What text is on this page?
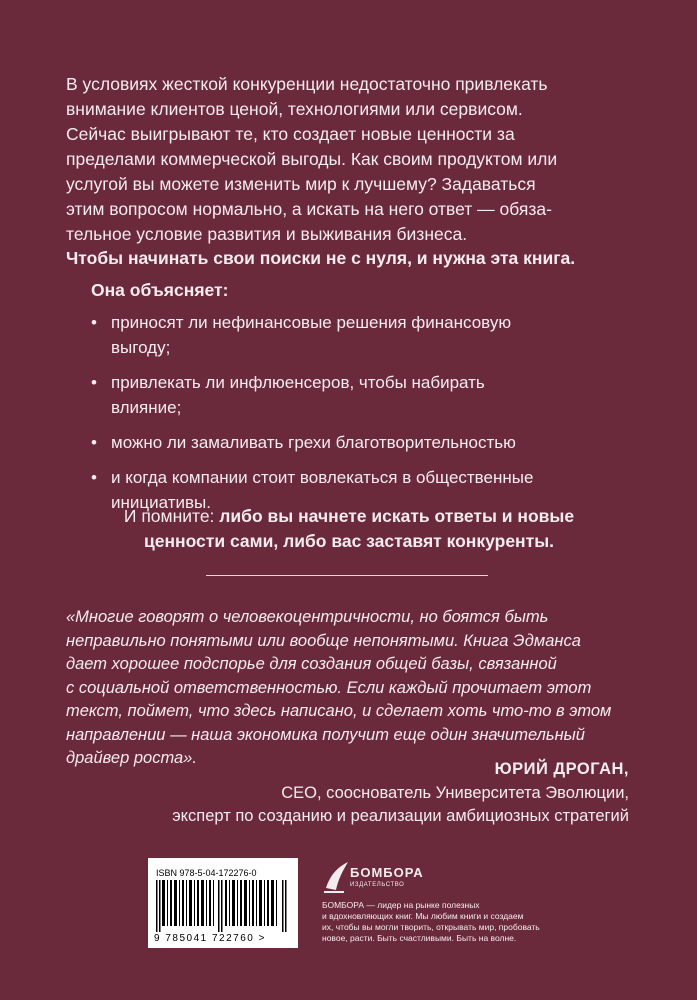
В условиях жесткой конкуренции недостаточно привлекать

внимание клиентов ценой, технологиями или сервисом.

Сейчас выигрывают те, кто создает новые ценности за

пределами коммерческой выгоды. Как своим продуктом или

услугой вы можете изменить мир к лучшему? Задаваться

этим вопросом нормально, а искать на него ответ — обяза-

тельное условие развития и выживания бизнеса.

Чтобы начинать свои поиски не с нуля, и нужна эта книга.
Она объясняет:
• приносят ли нефинансовые решения финансовую
выгоду;
• привлекать ли инфлюенсеров, чтобы набирать
влияние;
• можно ли замаливать грехи благотворительностью
• и когда компании стоит вовлекаться в общественные
инициативы.
И помните: либо вы начнете искать ответы и новые
ценности сами, либо вас заставят конкуренты.
«Многие говорят о человекоцентричности, но боятся быть
неправильно понятыми или вообще непонятыми. Книга Эдманса
дает хорошее подспорье для создания общей базы, связанной
с социальной ответственностью. Если каждый прочитает этот
текст, поймет, что здесь написано, и сделает хоть что-то в этом
направлении — наша экономика получит еще один значительный
драйвер роста».
ЮРИЙ ДРОГАН,
CEO, сооснователь Университета Эволюции,
эксперт по созданию и реализации амбициозных стратегий
ISBN 978-5-04-172276-0
9 785041 722760 >
БОМБОРА
ИЗДАТЕЛЬСТВО
БОМБОРА — лидер на рынке полезных
и вдохновляющих книг. Мы любим книги и создаем
их, чтобы вы могли творить, открывать мир, пробовать
новое, расти. Быть счастливыми. Быть на волне.
